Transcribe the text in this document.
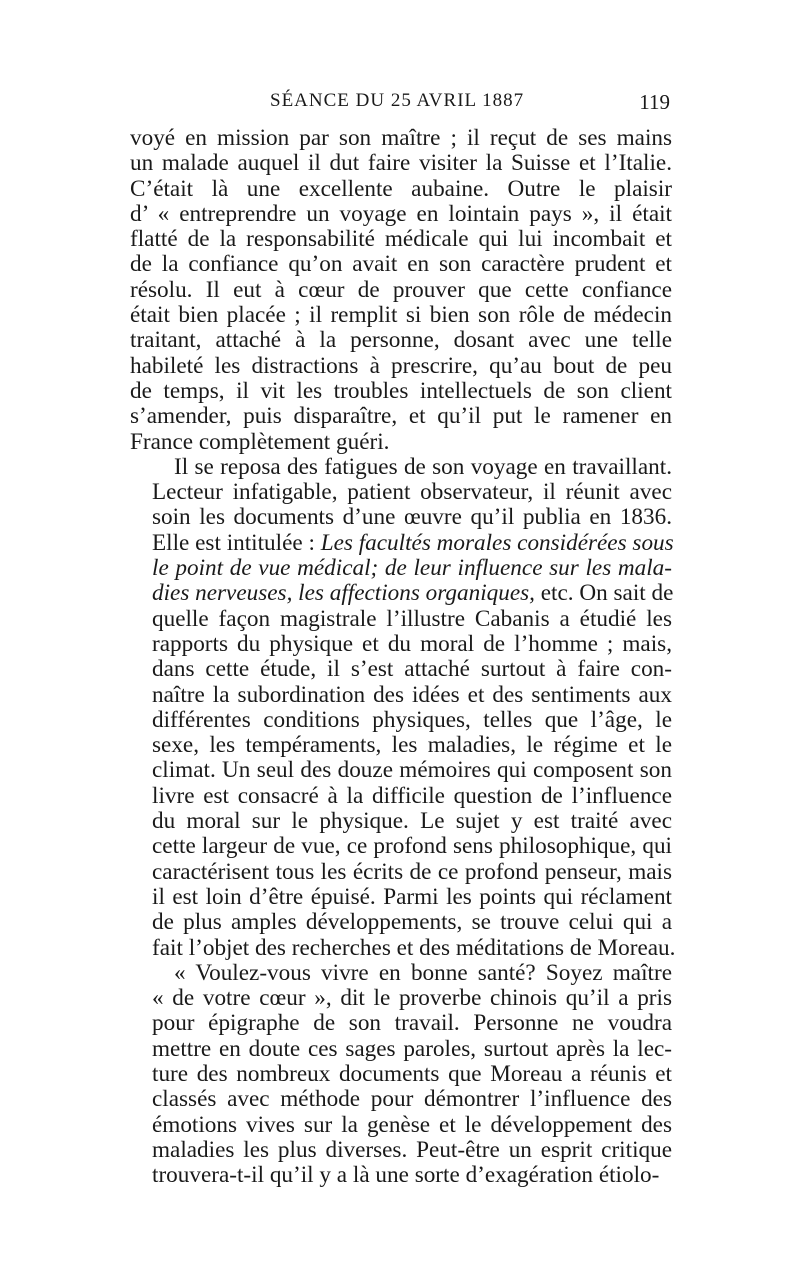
SÉANCE DU 25 AVRIL 1887	119

voyé en mission par son maître ; il reçut de ses mains
un malade auquel il dut faire visiter la Suisse et l’Italie.
C’était là une excellente aubaine. Outre le plaisir
d’ « entreprendre un voyage en lointain pays », il était
flatté de la responsabilité médicale qui lui incombait et
de la confiance qu’on avait en son caractère prudent et
résolu. Il eut à cœur de prouver que cette confiance
était bien placée ; il remplit si bien son rôle de médecin
traitant, attaché à la personne, dosant avec une telle
habileté les distractions à prescrire, qu’au bout de peu
de temps, il vit les troubles intellectuels de son client
s’amender, puis disparaître, et qu’il put le ramener en
France complètement guéri.

Il se reposa des fatigues de son voyage en travaillant.
Lecteur infatigable, patient observateur, il réunit avec
soin les documents d’une œuvre qu’il publia en 1836.
Elle est intitulée : Les facultés morales considérées sous
le point de vue médical; de leur influence sur les mala-
dies nerveuses, les affections organiques, etc. On sait de
quelle façon magistrale l’illustre Cabanis a étudié les
rapports du physique et du moral de l’homme ; mais,
dans cette étude, il s’est attaché surtout à faire con-
naître la subordination des idées et des sentiments aux
différentes conditions physiques, telles que l’âge, le
sexe, les tempéraments, les maladies, le régime et le
climat. Un seul des douze mémoires qui composent son
livre est consacré à la difficile question de l’influence
du moral sur le physique. Le sujet y est traité avec
cette largeur de vue, ce profond sens philosophique, qui
caractérisent tous les écrits de ce profond penseur, mais
il est loin d’être épuisé. Parmi les points qui réclament
de plus amples développements, se trouve celui qui a
fait l’objet des recherches et des méditations de Moreau.

« Voulez-vous vivre en bonne santé? Soyez maître
« de votre cœur », dit le proverbe chinois qu’il a pris
pour épigraphe de son travail. Personne ne voudra
mettre en doute ces sages paroles, surtout après la lec-
ture des nombreux documents que Moreau a réunis et
classés avec méthode pour démontrer l’influence des
émotions vives sur la genèse et le développement des
maladies les plus diverses. Peut-être un esprit critique
trouvera-t-il qu’il y a là une sorte d’exagération étiolo-
